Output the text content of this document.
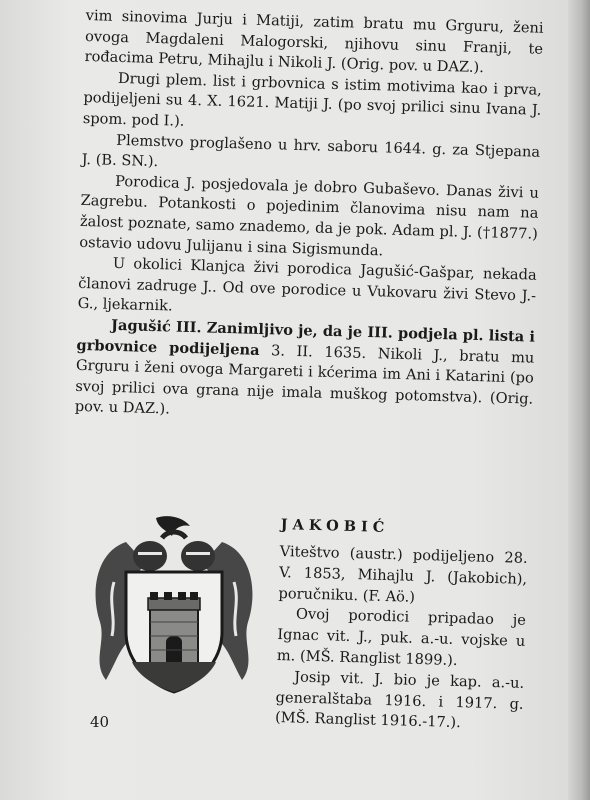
vim sinovima Jurju i Matiji, zatim bratu mu Grguru, ženi ovoga Magdaleni Malogorski, njihovu sinu Franji, te rođacima Petru, Mihajlu i Nikoli J. (Orig. pov. u DAZ.).

Drugi plem. list i grbovnica s istim motivima kao i prva, podijeljeni su 4. X. 1621. Matiji J. (po svoj prilici sinu Ivana J. spom. pod I.).

Plemstvo proglašeno u hrv. saboru 1644. g. za Stjepana J. (B. SN.).

Porodica J. posjedovala je dobro Gubaševo. Danas živi u Zagrebu. Potankosti o pojedinim članovima nisu nam na žalost poznate, samo znademo, da je pok. Adam pl. J. (†1877.) ostavio udovu Julijanu i sina Sigismunda.

U okolici Klanjca živi porodica Jagušić-Gašpar, nekada članovi zadruge J.. Od ove porodice u Vukovaru živi Stevo J.-G., ljekarnik.

Jagušić III. Zanimljivo je, da je III. podjela pl. lista i grbovnice podijeljena 3. II. 1635. Nikoli J., bratu mu Grguru i ženi ovoga Margareti i kćerima im Ani i Katarini (po svoj prilici ova grana nije imala muškog potomstva). (Orig. pov. u DAZ.).

JAKOBIĆ

Viteštvo (austr.) podijeljeno 28. V. 1853, Mihajlu J. (Jakobich), poručniku. (F. Aö.)

Ovoj porodici pripadao je Ignac vit. J., puk. a.-u. vojske u m. (MŠ. Ranglist 1899.).

Josip vit. J. bio je kap. a.-u. generalštaba 1916. i 1917. g. (MŠ. Ranglist 1916.-17.).

40
